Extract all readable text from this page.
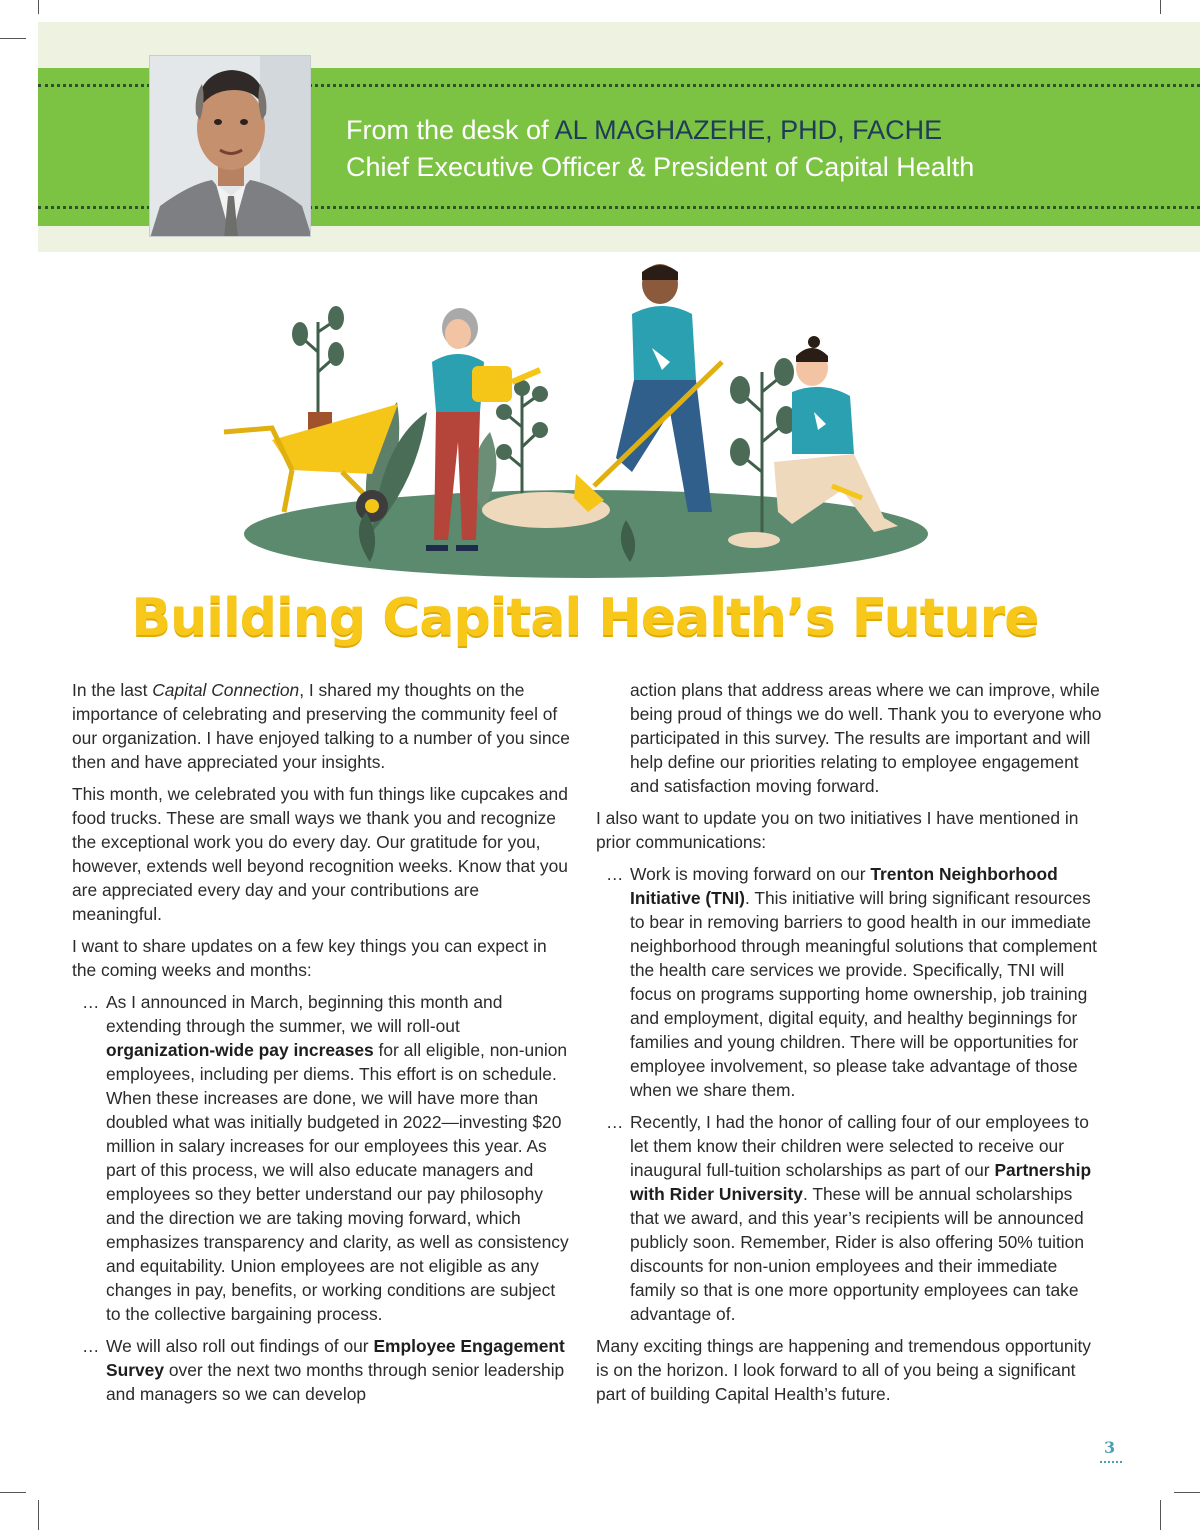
From the desk of AL MAGHAZEHE, PHD, FACHE
Chief Executive Officer & President of Capital Health
Building Capital Health’s Future

In the last Capital Connection, I shared my thoughts on the importance of celebrating and preserving the community feel of our organization. I have enjoyed talking to a number of you since then and have appreciated your insights.

This month, we celebrated you with fun things like cupcakes and food trucks. These are small ways we thank you and recognize the exceptional work you do every day. Our gratitude for you, however, extends well beyond recognition weeks. Know that you are appreciated every day and your contributions are meaningful.

I want to share updates on a few key things you can expect in the coming weeks and months:

… As I announced in March, beginning this month and extending through the summer, we will roll-out organization-wide pay increases for all eligible, non-union employees, including per diems. This effort is on schedule. When these increases are done, we will have more than doubled what was initially budgeted in 2022—investing $20 million in salary increases for our employees this year. As part of this process, we will also educate managers and employees so they better understand our pay philosophy and the direction we are taking moving forward, which emphasizes transparency and clarity, as well as consistency and equitability. Union employees are not eligible as any changes in pay, benefits, or working conditions are subject to the collective bargaining process.
… We will also roll out findings of our Employee Engagement Survey over the next two months through senior leadership and managers so we can develop
action plans that address areas where we can improve, while being proud of things we do well. Thank you to everyone who participated in this survey. The results are important and will help define our priorities relating to employee engagement and satisfaction moving forward.

I also want to update you on two initiatives I have mentioned in prior communications:

… Work is moving forward on our Trenton Neighborhood Initiative (TNI). This initiative will bring significant resources to bear in removing barriers to good health in our immediate neighborhood through meaningful solutions that complement the health care services we provide. Specifically, TNI will focus on programs supporting home ownership, job training and employment, digital equity, and healthy beginnings for families and young children. There will be opportunities for employee involvement, so please take advantage of those when we share them.
… Recently, I had the honor of calling four of our employees to let them know their children were selected to receive our inaugural full-tuition scholarships as part of our Partnership with Rider University. These will be annual scholarships that we award, and this year’s recipients will be announced publicly soon. Remember, Rider is also offering 50% tuition discounts for non-union employees and their immediate family so that is one more opportunity employees can take advantage of.

Many exciting things are happening and tremendous opportunity is on the horizon. I look forward to all of you being a significant part of building Capital Health’s future.

3
